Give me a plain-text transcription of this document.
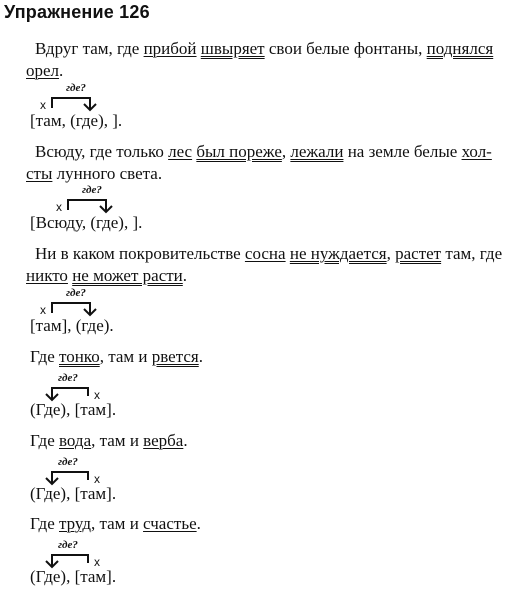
Упражнение 126
Вдруг там, где прибой швыряет свои белые фонтаны, поднялся орел.
где?
x
[там, (где), ].
Всюду, где только лес был пореже, лежали на земле белые хол- сты лунного света.
где?
x
[Всюду, (где), ].
Ни в каком покровительстве сосна не нуждается, растет там, где никто не может расти.
где?
x
[там], (где).
Где тонко, там и рвется.
где?
x
(Где), [там].
Где вода, там и верба.
где?
x
(Где), [там].
Где труд, там и счастье.
где?
x
(Где), [там].
